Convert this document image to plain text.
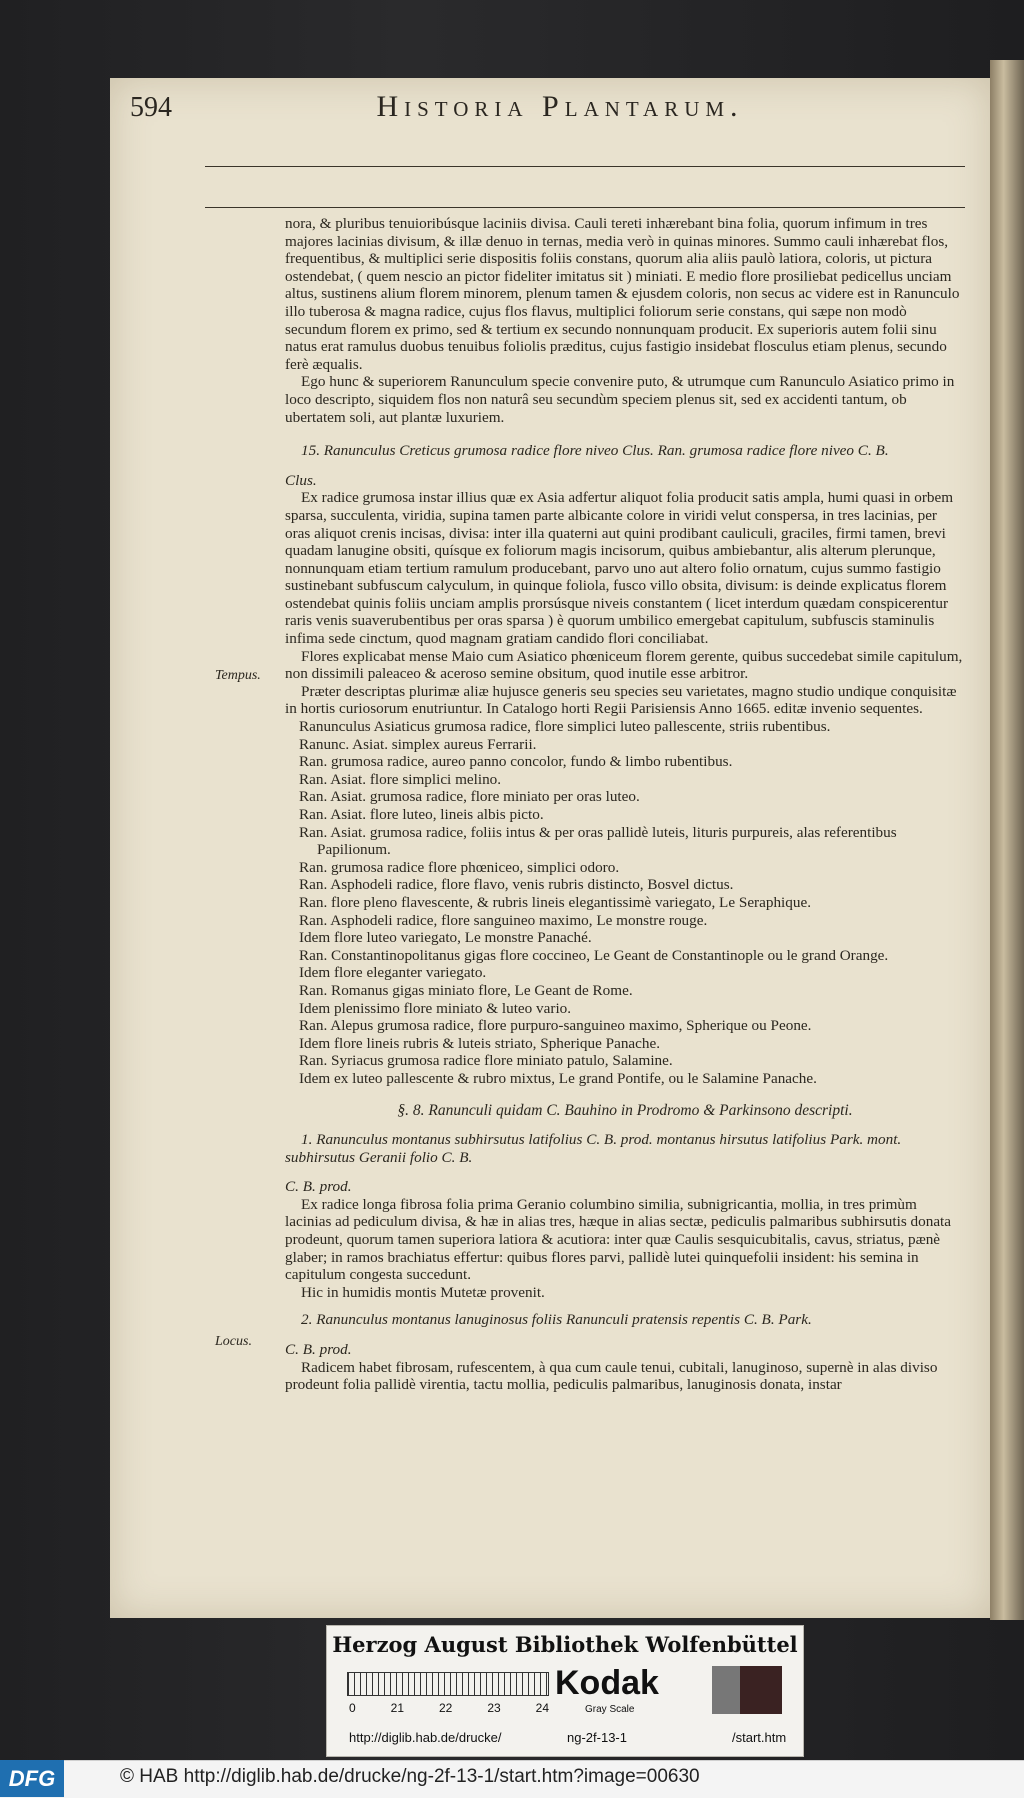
594	Historia Plantarum.
Tempus.
Locus.

nora, & pluribus tenuioribúsque laciniis divisa. Cauli tereti inhærebant bina folia, quorum infimum in tres majores lacinias divisum, & illæ denuo in ternas, media verò in quinas minores. Summo cauli inhærebat flos, frequentibus, & multiplici serie dispositis foliis constans, quorum alia aliis paulò latiora, coloris, ut pictura ostendebat, ( quem nescio an pictor fideliter imitatus sit ) miniati. E medio flore prosiliebat pedicellus unciam altus, sustinens alium florem minorem, plenum tamen & ejusdem coloris, non secus ac videre est in Ranunculo illo tuberosa & magna radice, cujus flos flavus, multiplici foliorum serie constans, qui sæpe non modò secundum florem ex primo, sed & tertium ex secundo nonnunquam producit. Ex superioris autem folii sinu natus erat ramulus duobus tenuibus foliolis præditus, cujus fastigio insidebat flosculus etiam plenus, secundo ferè æqualis.

Ego hunc & superiorem Ranunculum specie convenire puto, & utrumque cum Ranunculo Asiatico primo in loco descripto, siquidem flos non naturâ seu secundùm speciem plenus sit, sed ex accidenti tantum, ob ubertatem soli, aut plantæ luxuriem.

15. Ranunculus Creticus grumosa radice flore niveo Clus. Ran. grumosa radice flore niveo C. B.

Clus.

Ex radice grumosa instar illius quæ ex Asia adfertur aliquot folia producit satis ampla, humi quasi in orbem sparsa, succulenta, viridia, supina tamen parte albicante colore in viridi velut conspersa, in tres lacinias, per oras aliquot crenis incisas, divisa: inter illa quaterni aut quini prodibant cauliculi, graciles, firmi tamen, brevi quadam lanugine obsiti, quísque ex foliorum magis incisorum, quibus ambiebantur, alis alterum plerunque, nonnunquam etiam tertium ramulum producebant, parvo uno aut altero folio ornatum, cujus summo fastigio sustinebant subfuscum calyculum, in quinque foliola, fusco villo obsita, divisum: is deinde explicatus florem ostendebat quinis foliis unciam amplis prorsúsque niveis constantem ( licet interdum quædam conspicerentur raris venis suaverubentibus per oras sparsa ) è quorum umbilico emergebat capitulum, subfuscis staminulis infima sede cinctum, quod magnam gratiam candido flori conciliabat.

Flores explicabat mense Maio cum Asiatico phœniceum florem gerente, quibus succedebat simile capitulum, non dissimili paleaceo & aceroso semine obsitum, quod inutile esse arbitror.

Præter descriptas plurimæ aliæ hujusce generis seu species seu varietates, magno studio undique conquisitæ in hortis curiosorum enutriuntur. In Catalogo horti Regii Parisiensis Anno 1665. editæ invenio sequentes.

Ranunculus Asiaticus grumosa radice, flore simplici luteo pallescente, striis rubentibus.

Ranunc. Asiat. simplex aureus Ferrarii.

Ran. grumosa radice, aureo panno concolor, fundo & limbo rubentibus.

Ran. Asiat. flore simplici melino.

Ran. Asiat. grumosa radice, flore miniato per oras luteo.

Ran. Asiat. flore luteo, lineis albis picto.

Ran. Asiat. grumosa radice, foliis intus & per oras pallidè luteis, lituris purpureis, alas referentibus Papilionum.

Ran. grumosa radice flore phœniceo, simplici odoro.

Ran. Asphodeli radice, flore flavo, venis rubris distincto, Bosvel dictus.

Ran. flore pleno flavescente, & rubris lineis elegantissimè variegato, Le Seraphique.

Ran. Asphodeli radice, flore sanguineo maximo, Le monstre rouge.

Idem flore luteo variegato, Le monstre Panaché.

Ran. Constantinopolitanus gigas flore coccineo, Le Geant de Constantinople ou le grand Orange.

Idem flore eleganter variegato.

Ran. Romanus gigas miniato flore, Le Geant de Rome.

Idem plenissimo flore miniato & luteo vario.

Ran. Alepus grumosa radice, flore purpuro-sanguineo maximo, Spherique ou Peone.

Idem flore lineis rubris & luteis striato, Spherique Panache.

Ran. Syriacus grumosa radice flore miniato patulo, Salamine.

Idem ex luteo pallescente & rubro mixtus, Le grand Pontife, ou le Salamine Panache.

§. 8. Ranunculi quidam C. Bauhino in Prodromo & Parkinsono descripti.

1. Ranunculus montanus subhirsutus latifolius C. B. prod. montanus hirsutus latifolius Park. mont. subhirsutus Geranii folio C. B.

C. B. prod.

Ex radice longa fibrosa folia prima Geranio columbino similia, subnigricantia, mollia, in tres primùm lacinias ad pediculum divisa, & hæ in alias tres, hæque in alias sectæ, pediculis palmaribus subhirsutis donata prodeunt, quorum tamen superiora latiora & acutiora: inter quæ Caulis sesquicubitalis, cavus, striatus, pænè glaber; in ramos brachiatus effertur: quibus flores parvi, pallidè lutei quinquefolii insident: his semina in capitulum congesta succedunt.

Hic in humidis montis Mutetæ provenit.

2. Ranunculus montanus lanuginosus foliis Ranunculi pratensis repentis C. B. Park.

C. B. prod.

Radicem habet fibrosam, rufescentem, à qua cum caule tenui, cubitali, lanuginoso, supernè in alas diviso prodeunt folia pallidè virentia, tactu mollia, pediculis palmaribus, lanuginosis donata, instar

Herzog August Bibliothek Wolfenbüttel
0	21	22	23	24
Kodak
Gray Scale
http://diglib.hab.de/drucke/	ng-2f-13-1	/start.htm
DFG	© HAB http://diglib.hab.de/drucke/ng-2f-13-1/start.htm?image=00630
